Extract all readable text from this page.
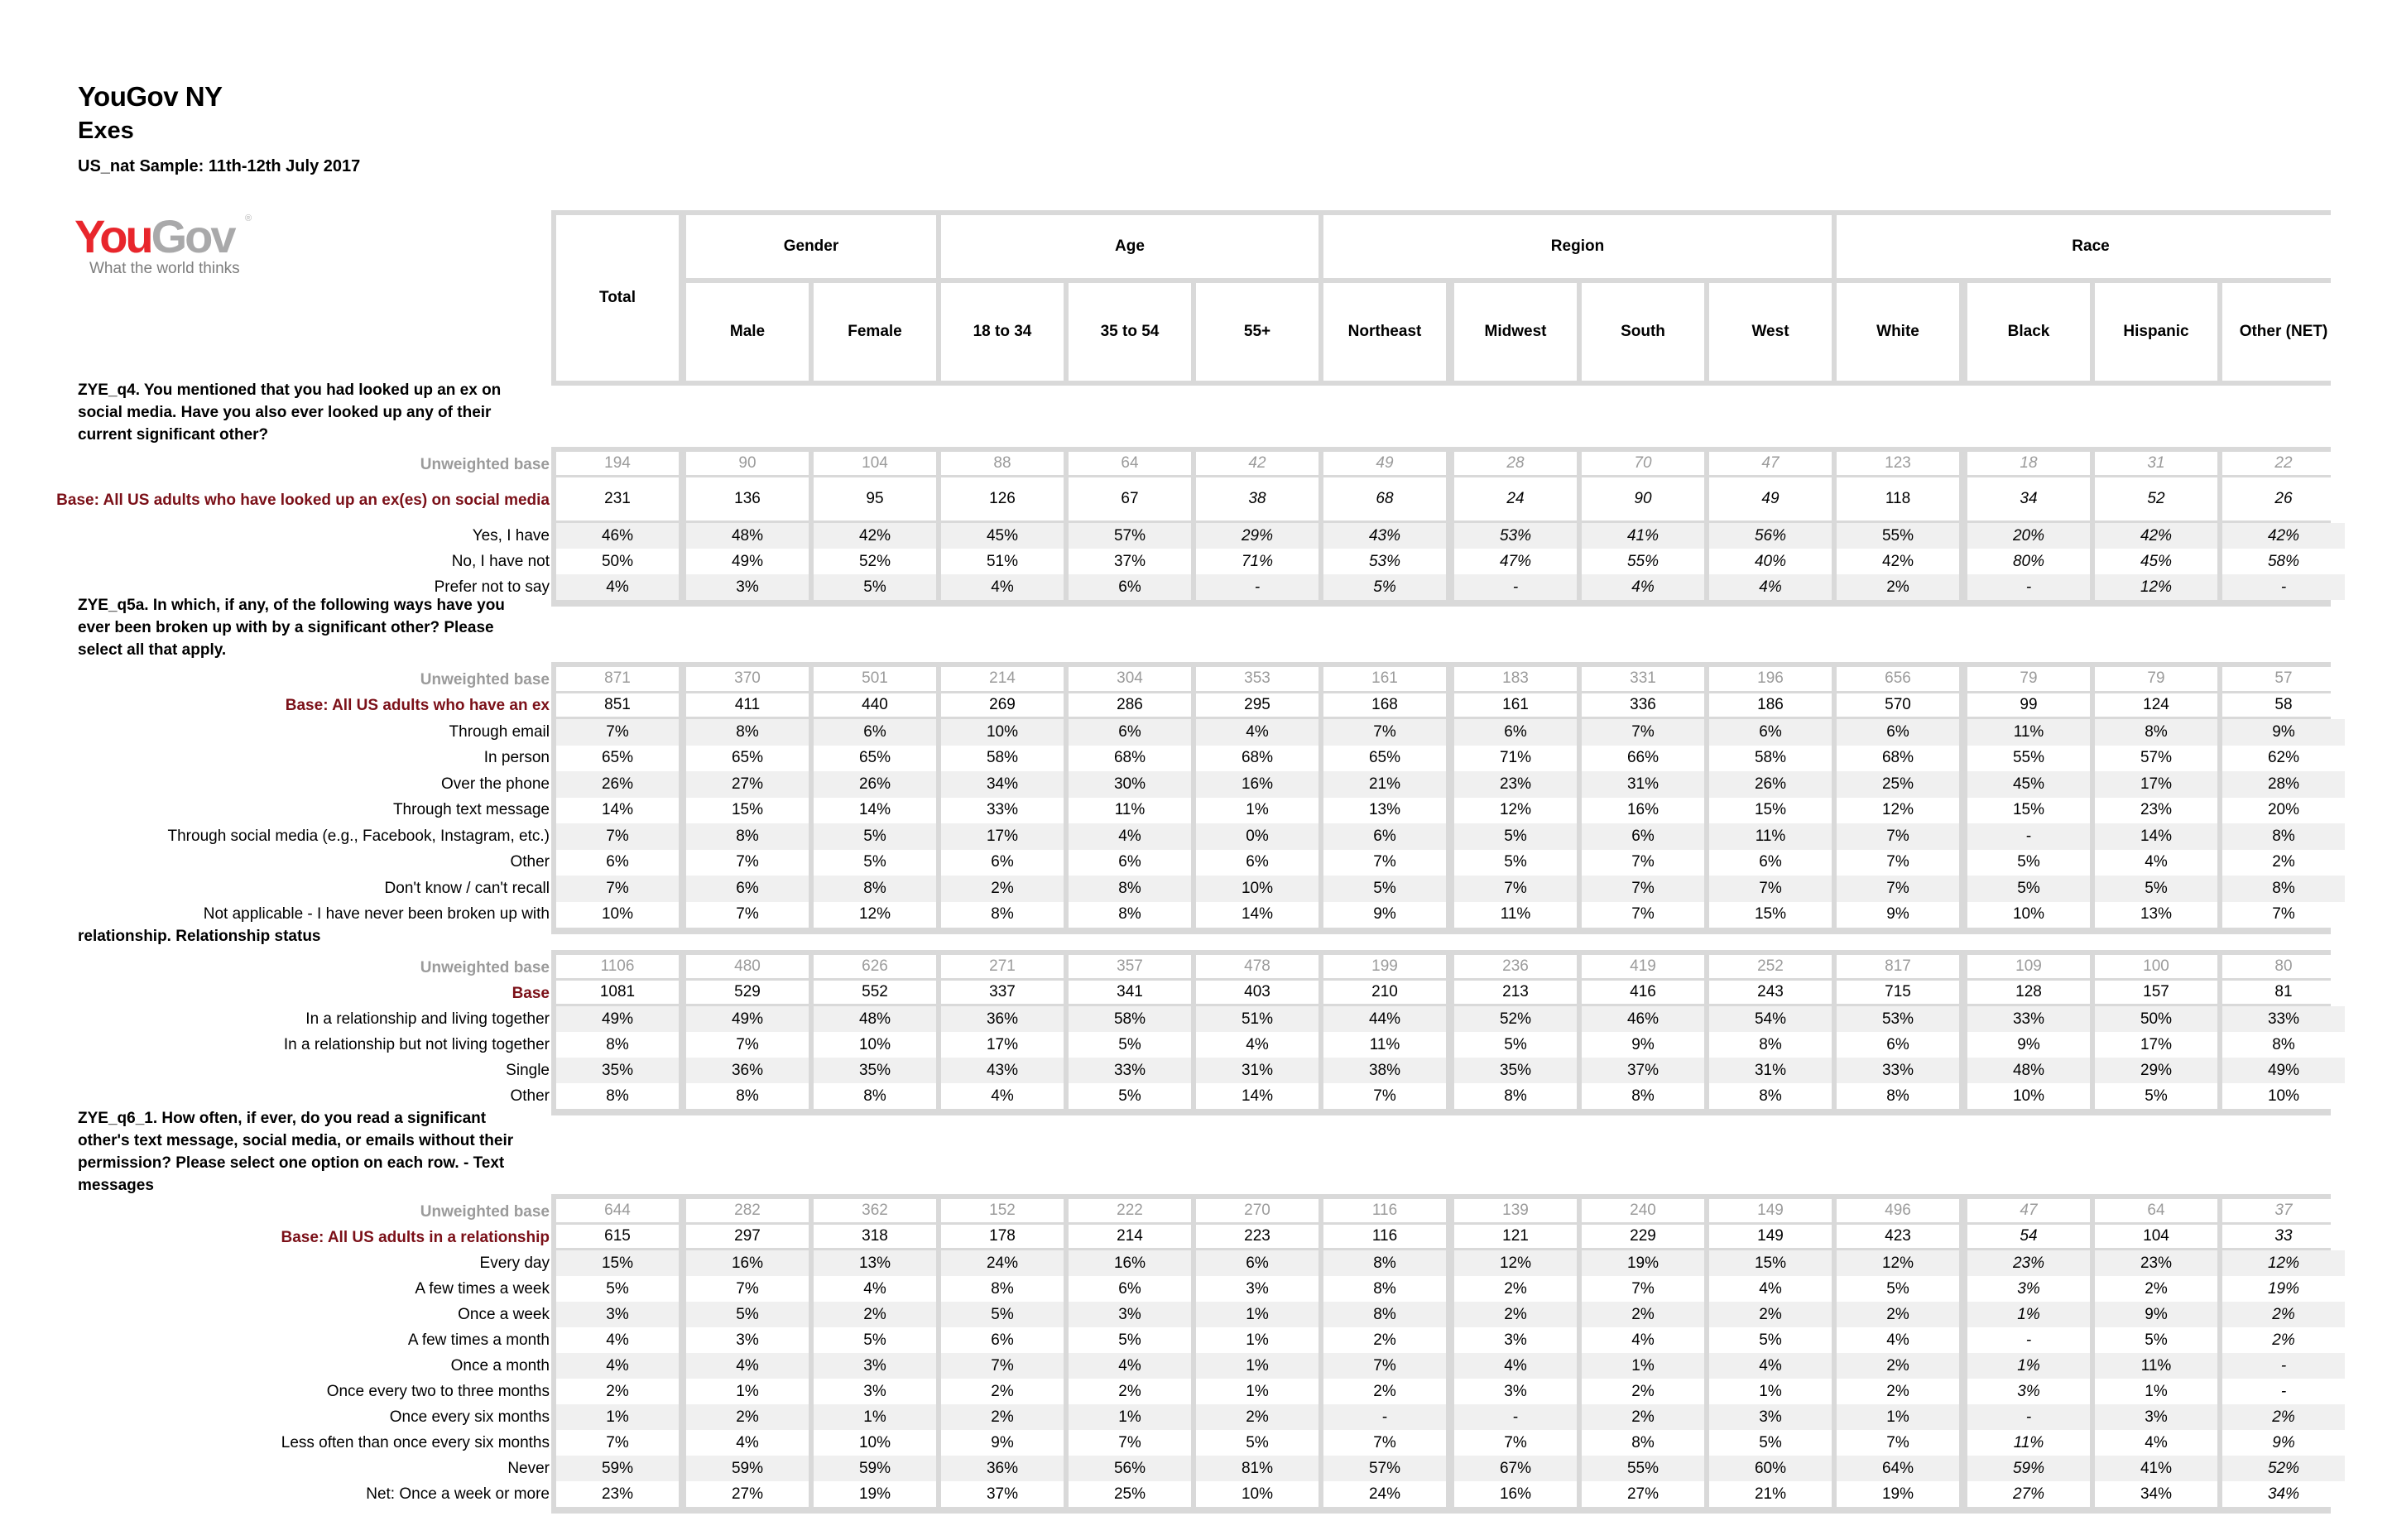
YouGov NY
Exes
US_nat Sample: 11th-12th July 2017
YouGov	®
What the world thinks
Total
Gender
Male	Female
Age
18 to 34	35 to 54	55+
Region
Northeast	Midwest	South	West
Race
White	Black	Hispanic	Other (NET)
ZYE_q4. You mentioned that you had looked up an ex on social media. Have you also ever looked up any of their current significant other?
Unweighted base	194	90	104	88	64	42	49	28	70	47	123	18	31	22
Base: All US adults who have looked up an ex(es) on social media	231	136	95	126	67	38	68	24	90	49	118	34	52	26
Yes, I have	46%	48%	42%	45%	57%	29%	43%	53%	41%	56%	55%	20%	42%	42%
No, I have not	50%	49%	52%	51%	37%	71%	53%	47%	55%	40%	42%	80%	45%	58%
Prefer not to say	4%	3%	5%	4%	6%	-	5%	-	4%	4%	2%	-	12%	-
ZYE_q5a. In which, if any, of the following ways have you ever been broken up with by a significant other? Please select all that apply.
Unweighted base	871	370	501	214	304	353	161	183	331	196	656	79	79	57
Base: All US adults who have an ex	851	411	440	269	286	295	168	161	336	186	570	99	124	58
Through email	7%	8%	6%	10%	6%	4%	7%	6%	7%	6%	6%	11%	8%	9%
In person	65%	65%	65%	58%	68%	68%	65%	71%	66%	58%	68%	55%	57%	62%
Over the phone	26%	27%	26%	34%	30%	16%	21%	23%	31%	26%	25%	45%	17%	28%
Through text message	14%	15%	14%	33%	11%	1%	13%	12%	16%	15%	12%	15%	23%	20%
Through social media (e.g., Facebook, Instagram, etc.)	7%	8%	5%	17%	4%	0%	6%	5%	6%	11%	7%	-	14%	8%
Other	6%	7%	5%	6%	6%	6%	7%	5%	7%	6%	7%	5%	4%	2%
Don't know / can't recall	7%	6%	8%	2%	8%	10%	5%	7%	7%	7%	7%	5%	5%	8%
Not applicable - I have never been broken up with	10%	7%	12%	8%	8%	14%	9%	11%	7%	15%	9%	10%	13%	7%
relationship. Relationship status
Unweighted base	1106	480	626	271	357	478	199	236	419	252	817	109	100	80
Base	1081	529	552	337	341	403	210	213	416	243	715	128	157	81
In a relationship and living together	49%	49%	48%	36%	58%	51%	44%	52%	46%	54%	53%	33%	50%	33%
In a relationship but not living together	8%	7%	10%	17%	5%	4%	11%	5%	9%	8%	6%	9%	17%	8%
Single	35%	36%	35%	43%	33%	31%	38%	35%	37%	31%	33%	48%	29%	49%
Other	8%	8%	8%	4%	5%	14%	7%	8%	8%	8%	8%	10%	5%	10%
ZYE_q6_1. How often, if ever, do you read a significant other's text message, social media, or emails without their permission? Please select one option on each row. - Text messages
Unweighted base	644	282	362	152	222	270	116	139	240	149	496	47	64	37
Base: All US adults in a relationship	615	297	318	178	214	223	116	121	229	149	423	54	104	33
Every day	15%	16%	13%	24%	16%	6%	8%	12%	19%	15%	12%	23%	23%	12%
A few times a week	5%	7%	4%	8%	6%	3%	8%	2%	7%	4%	5%	3%	2%	19%
Once a week	3%	5%	2%	5%	3%	1%	8%	2%	2%	2%	2%	1%	9%	2%
A few times a month	4%	3%	5%	6%	5%	1%	2%	3%	4%	5%	4%	-	5%	2%
Once a month	4%	4%	3%	7%	4%	1%	7%	4%	1%	4%	2%	1%	11%	-
Once every two to three months	2%	1%	3%	2%	2%	1%	2%	3%	2%	1%	2%	3%	1%	-
Once every six months	1%	2%	1%	2%	1%	2%	-	-	2%	3%	1%	-	3%	2%
Less often than once every six months	7%	4%	10%	9%	7%	5%	7%	7%	8%	5%	7%	11%	4%	9%
Never	59%	59%	59%	36%	56%	81%	57%	67%	55%	60%	64%	59%	41%	52%
Net: Once a week or more	23%	27%	19%	37%	25%	10%	24%	16%	27%	21%	19%	27%	34%	34%
